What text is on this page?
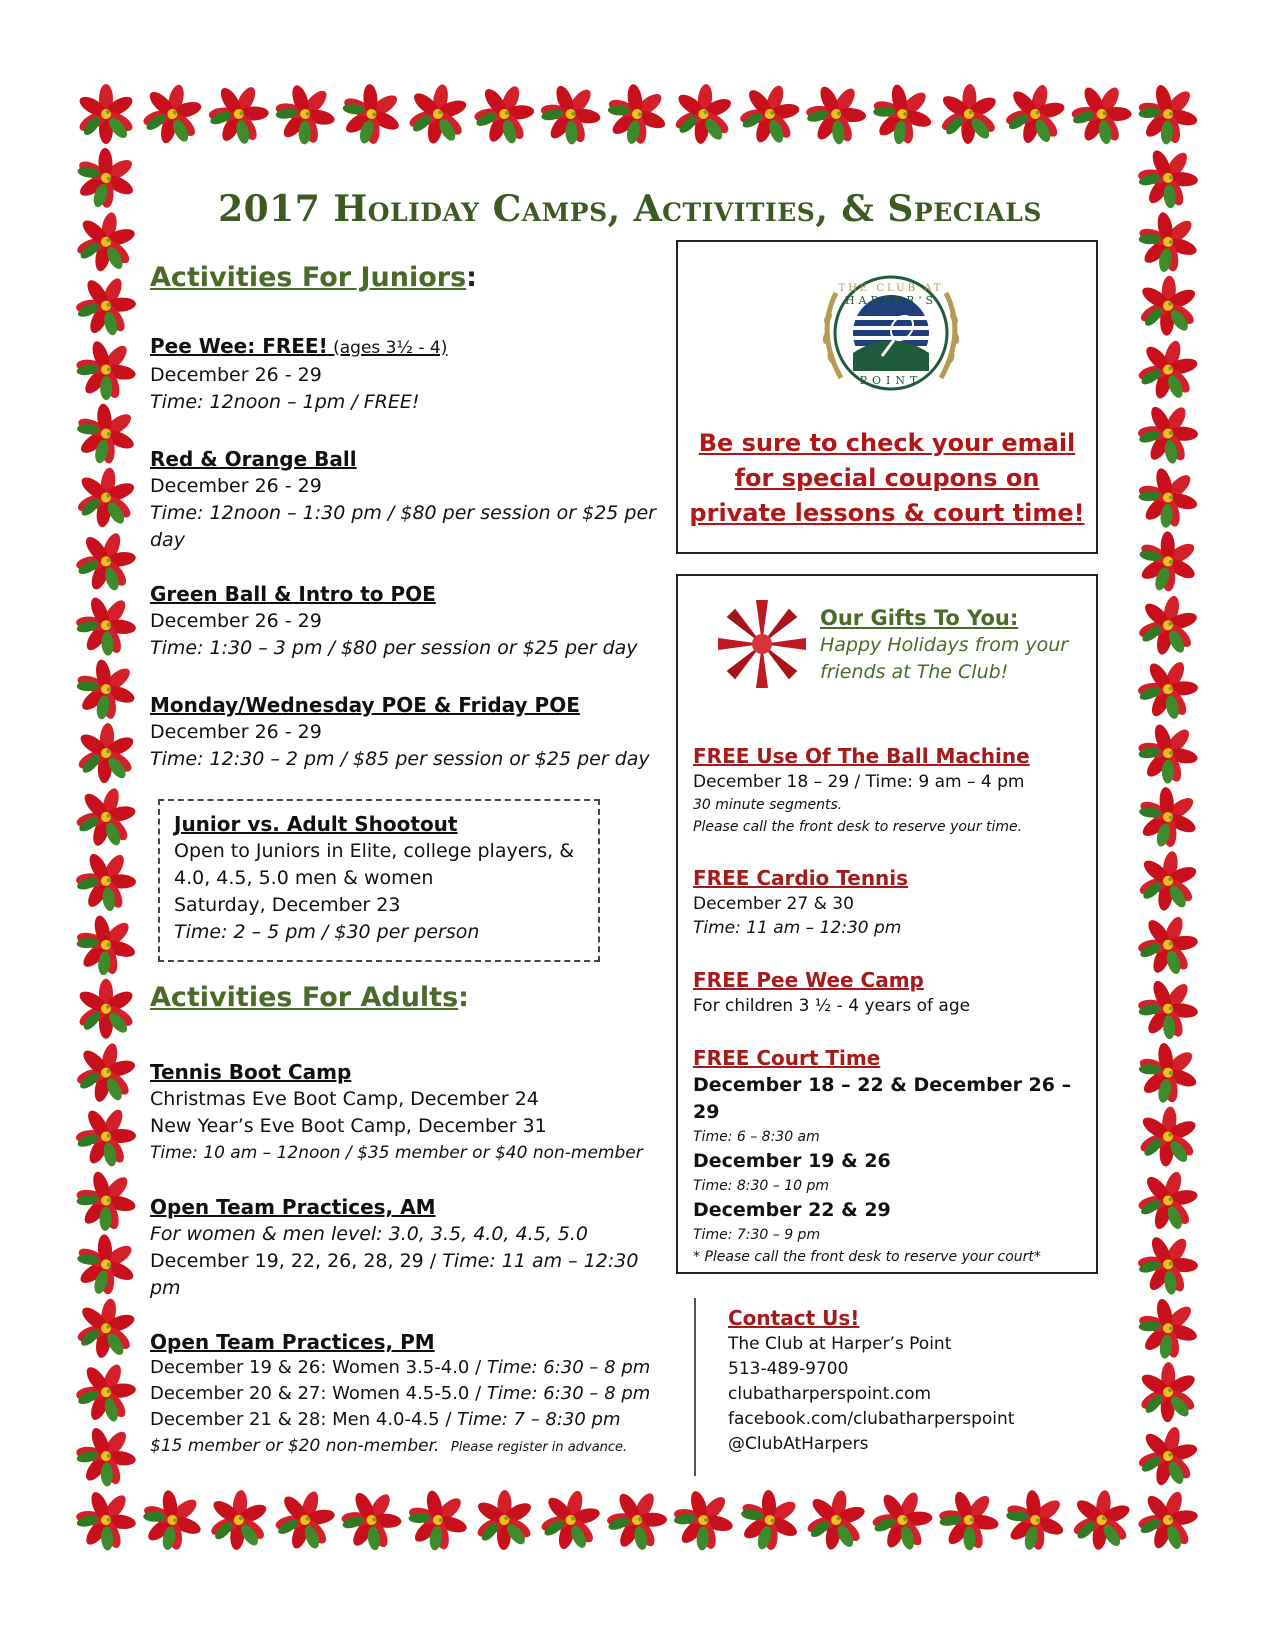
2017 Holiday Camps, Activities, & Specials
Activities For Juniors:
Pee Wee: FREE! (ages 3½ - 4)
December 26 - 29
Time: 12noon – 1pm / FREE!
Red & Orange Ball
December 26 - 29
Time: 12noon – 1:30 pm / $80 per session or $25 per day
Green Ball & Intro to POE
December 26 - 29
Time: 1:30 – 3 pm / $80 per session or $25 per day
Monday/Wednesday POE & Friday POE
December 26 - 29
Time: 12:30 – 2 pm / $85 per session or $25 per day
Junior vs. Adult Shootout
Open to Juniors in Elite, college players, &
4.0, 4.5, 5.0 men & women
Saturday, December 23
Time: 2 – 5 pm / $30 per person
Activities For Adults:
Tennis Boot Camp
Christmas Eve Boot Camp, December 24
New Year’s Eve Boot Camp, December 31
Time: 10 am – 12noon / $35 member or $40 non-member
Open Team Practices, AM
For women & men level: 3.0, 3.5, 4.0, 4.5, 5.0
December 19, 22, 26, 28, 29 / Time: 11 am – 12:30 pm
Open Team Practices, PM
December 19 & 26: Women 3.5-4.0 / Time: 6:30 – 8 pm
December 20 & 27: Women 4.5-5.0 / Time: 6:30 – 8 pm
December 21 & 28: Men 4.0-4.5 / Time: 7 – 8:30 pm
$15 member or $20 non-member. Please register in advance.
THE CLUB AT
HARPER'S
POINT
Be sure to check your email for special coupons on private lessons & court time!
Our Gifts To You:
Happy Holidays from your
friends at The Club!
FREE Use Of The Ball Machine
December 18 – 29 / Time: 9 am – 4 pm
30 minute segments.
Please call the front desk to reserve your time.
FREE Cardio Tennis
December 27 & 30
Time: 11 am – 12:30 pm
FREE Pee Wee Camp
For children 3 ½ - 4 years of age
FREE Court Time
December 18 – 22 & December 26 – 29
Time: 6 – 8:30 am
December 19 & 26
Time: 8:30 – 10 pm
December 22 & 29
Time: 7:30 – 9 pm
* Please call the front desk to reserve your court*
Contact Us!
The Club at Harper’s Point
513-489-9700
clubatharperspoint.com
facebook.com/clubatharperspoint
@ClubAtHarpers
